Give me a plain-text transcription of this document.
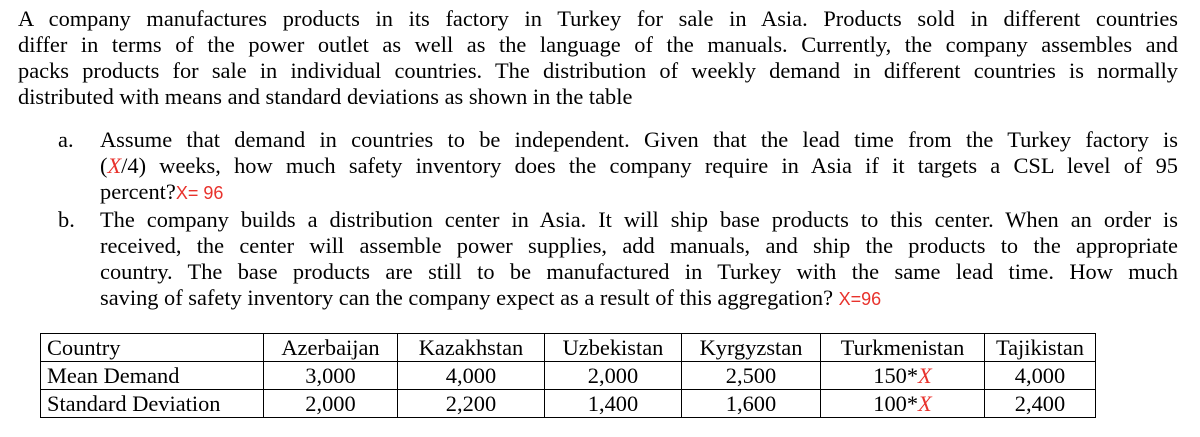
A company manufactures products in its factory in Turkey for sale in Asia. Products sold in different countries
differ in terms of the power outlet as well as the language of the manuals. Currently, the company assembles and
packs products for sale in individual countries. The distribution of weekly demand in different countries is normally
distributed with means and standard deviations as shown in the table
a. Assume that demand in countries to be independent. Given that the lead time from the Turkey factory is
(X/4) weeks, how much safety inventory does the company require in Asia if it targets a CSL level of 95
percent?X= 96
b. The company builds a distribution center in Asia. It will ship base products to this center. When an order is
received, the center will assemble power supplies, add manuals, and ship the products to the appropriate
country. The base products are still to be manufactured in Turkey with the same lead time. How much
saving of safety inventory can the company expect as a result of this aggregation? X=96
Country	Azerbaijan	Kazakhstan	Uzbekistan	Kyrgyzstan	Turkmenistan	Tajikistan
Mean Demand	3,000	4,000	2,000	2,500	150*X	4,000
Standard Deviation	2,000	2,200	1,400	1,600	100*X	2,400
